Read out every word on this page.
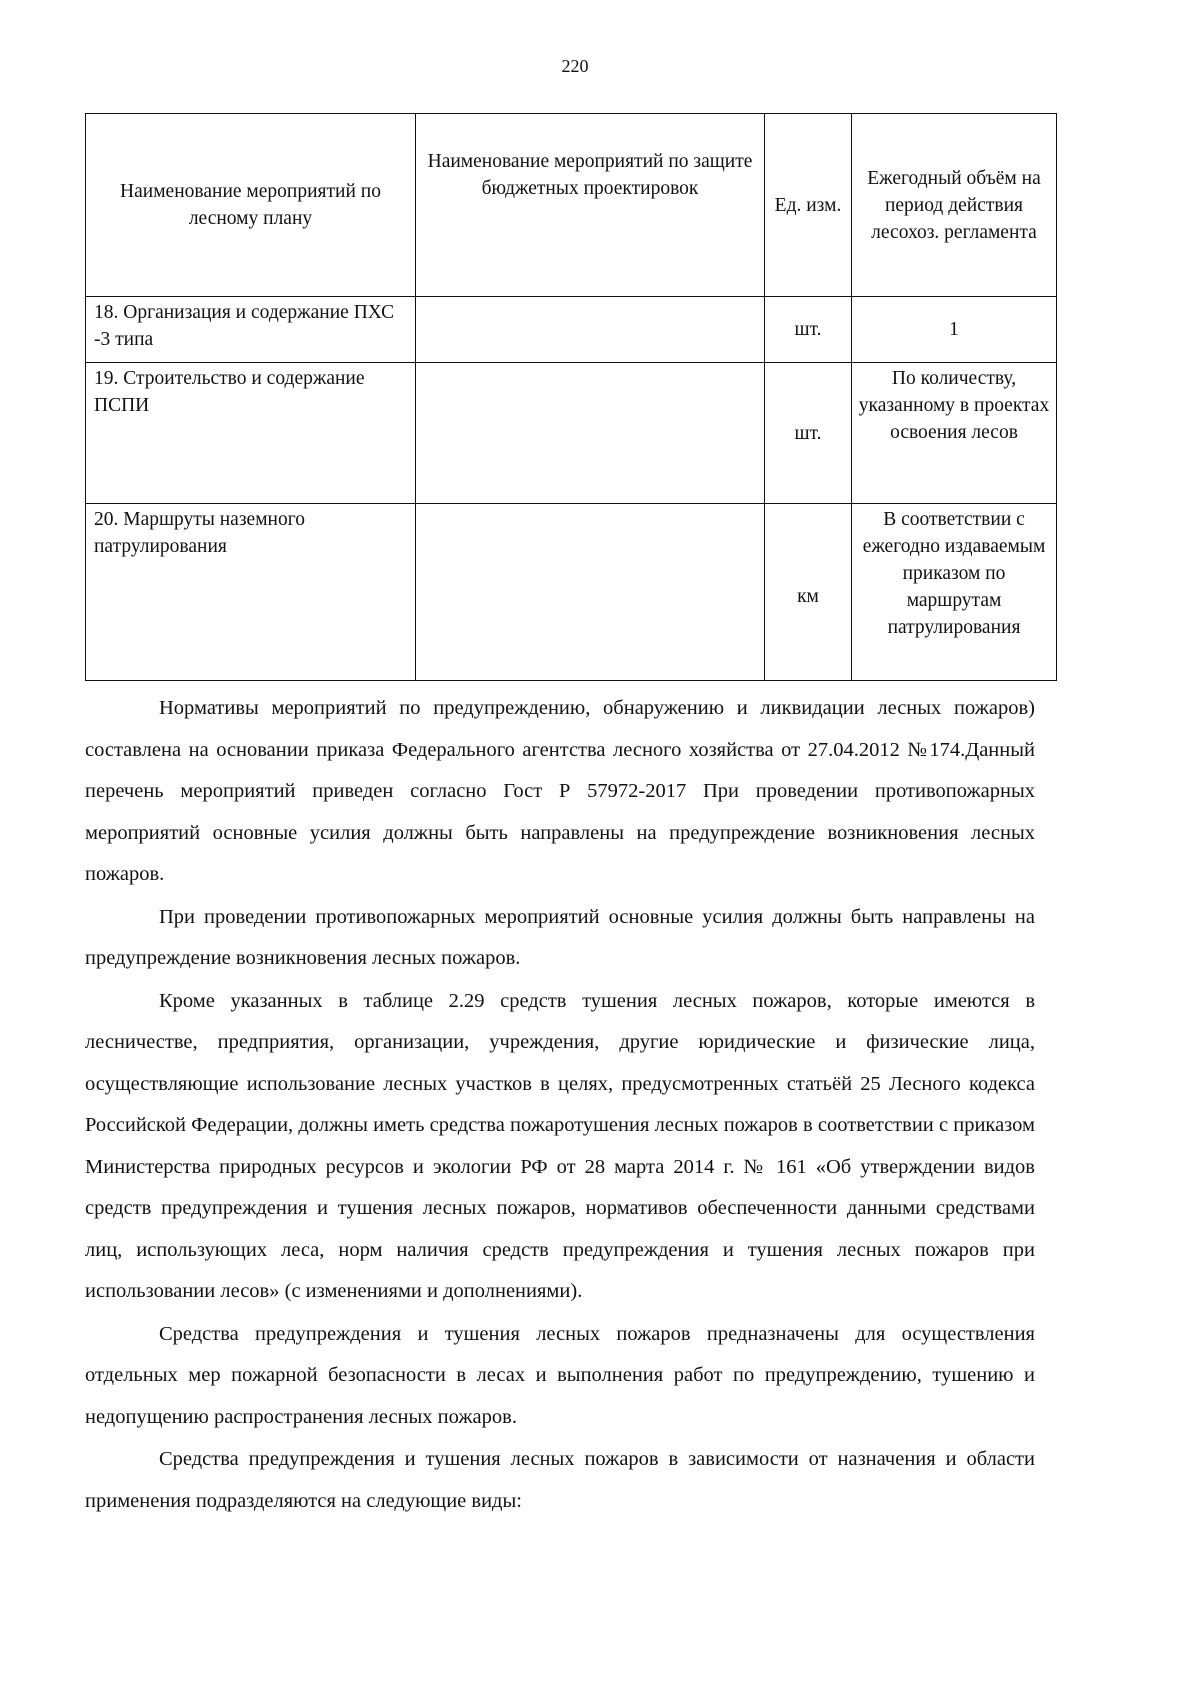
220
Наименование мероприятий по лесному плану	Наименование мероприятий по защите бюджетных проектировок	Ед. изм.	Ежегодный объём на период действия лесохоз. регламента
18. Организация и содержание ПХС -3 типа		шт.	1
19. Строительство и содержание ПСПИ		шт.	По количеству, указанному в проектах освоения лесов
20. Маршруты наземного патрулирования		км	В соответствии с ежегодно издаваемым приказом по маршрутам патрулирования

Нормативы мероприятий по предупреждению, обнаружению и ликвидации лесных пожаров) составлена на основании приказа Федерального агентства лесного хозяйства от 27.04.2012 №174.Данный перечень мероприятий приведен согласно Гост Р 57972-2017 При проведении противопожарных мероприятий основные усилия должны быть направлены на предупреждение возникновения лесных пожаров.

При проведении противопожарных мероприятий основные усилия должны быть направлены на предупреждение возникновения лесных пожаров.

Кроме указанных в таблице 2.29 средств тушения лесных пожаров, которые имеются в лесничестве, предприятия, организации, учреждения, другие юридические и физические лица, осуществляющие использование лесных участков в целях, предусмотренных статьёй 25 Лесного кодекса Российской Федерации, должны иметь средства пожаротушения лесных пожаров в соответствии с приказом Министерства природных ресурсов и экологии РФ от 28 марта 2014 г. № 161 «Об утверждении видов средств предупреждения и тушения лесных пожаров, нормативов обеспеченности данными средствами лиц, использующих леса, норм наличия средств предупреждения и тушения лесных пожаров при использовании лесов» (с изменениями и дополнениями).

Средства предупреждения и тушения лесных пожаров предназначены для осуществления отдельных мер пожарной безопасности в лесах и выполнения работ по предупреждению, тушению и недопущению распространения лесных пожаров.

Средства предупреждения и тушения лесных пожаров в зависимости от назначения и области применения подразделяются на следующие виды:
